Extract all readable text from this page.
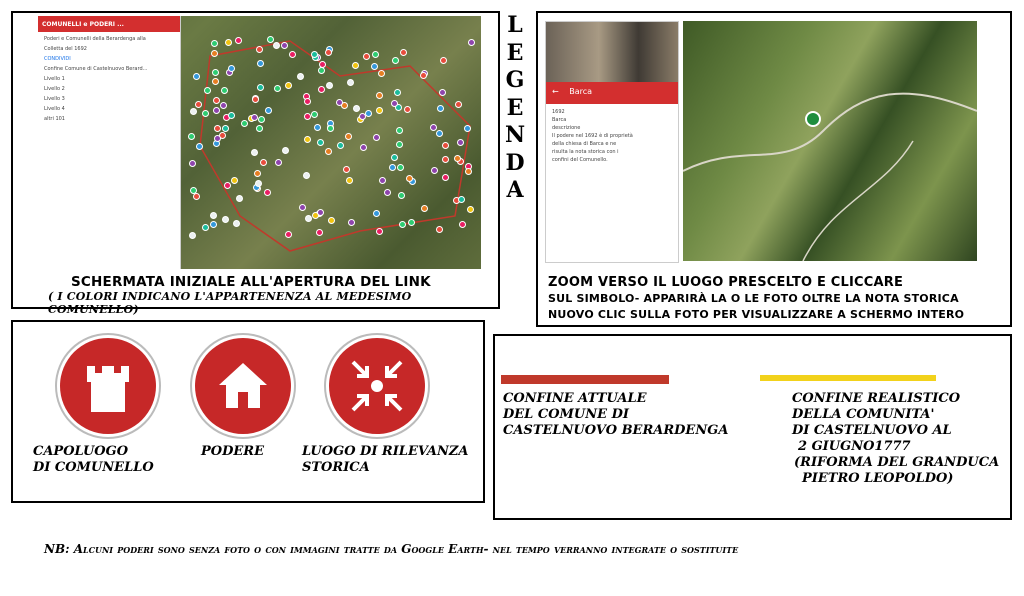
COMUNELLI e PODERI ...
Poderi e Comunelli della Berardenga alla
Colletta del 1692
CONDIVIDI
Confine Comune di Castelnuovo Berard...
Livello 1
Livello 2
Livello 3
Livello 4
altri 101
SCHERMATA INIZIALE ALL'APERTURA DEL LINK
( I COLORI INDICANO L'APPARTENENZA AL MEDESIMO COMUNELLO)
L
E
G
E
N
D
A
← Barca
1692
Barca
descrizione
Il podere nel 1692 è di proprietà
della chiesa di Barca e ne
risulta la nota storica con i
confini del Comunello.
ZOOM VERSO IL LUOGO PRESCELTO E CLICCARE
SUL SIMBOLO- APPARIRÀ LA O LE FOTO OLTRE LA NOTA STORICA
NUOVO CLIC SULLA FOTO PER VISUALIZZARE A SCHERMO INTERO
CAPOLUOGO
DI COMUNELLO
PODERE	LUOGO DI RILEVANZA
STORICA
CONFINE ATTUALE
DEL COMUNE DI
CASTELNUOVO BERARDENGA
CONFINE REALISTICO
DELLA COMUNITA'
DI CASTELNUOVO AL
2 GIUGNO1777
(RIFORMA DEL GRANDUCA
PIETRO LEOPOLDO)
NB: Alcuni poderi sono senza foto o con immagini tratte da Google Earth- nel tempo verranno integrate o sostituite
